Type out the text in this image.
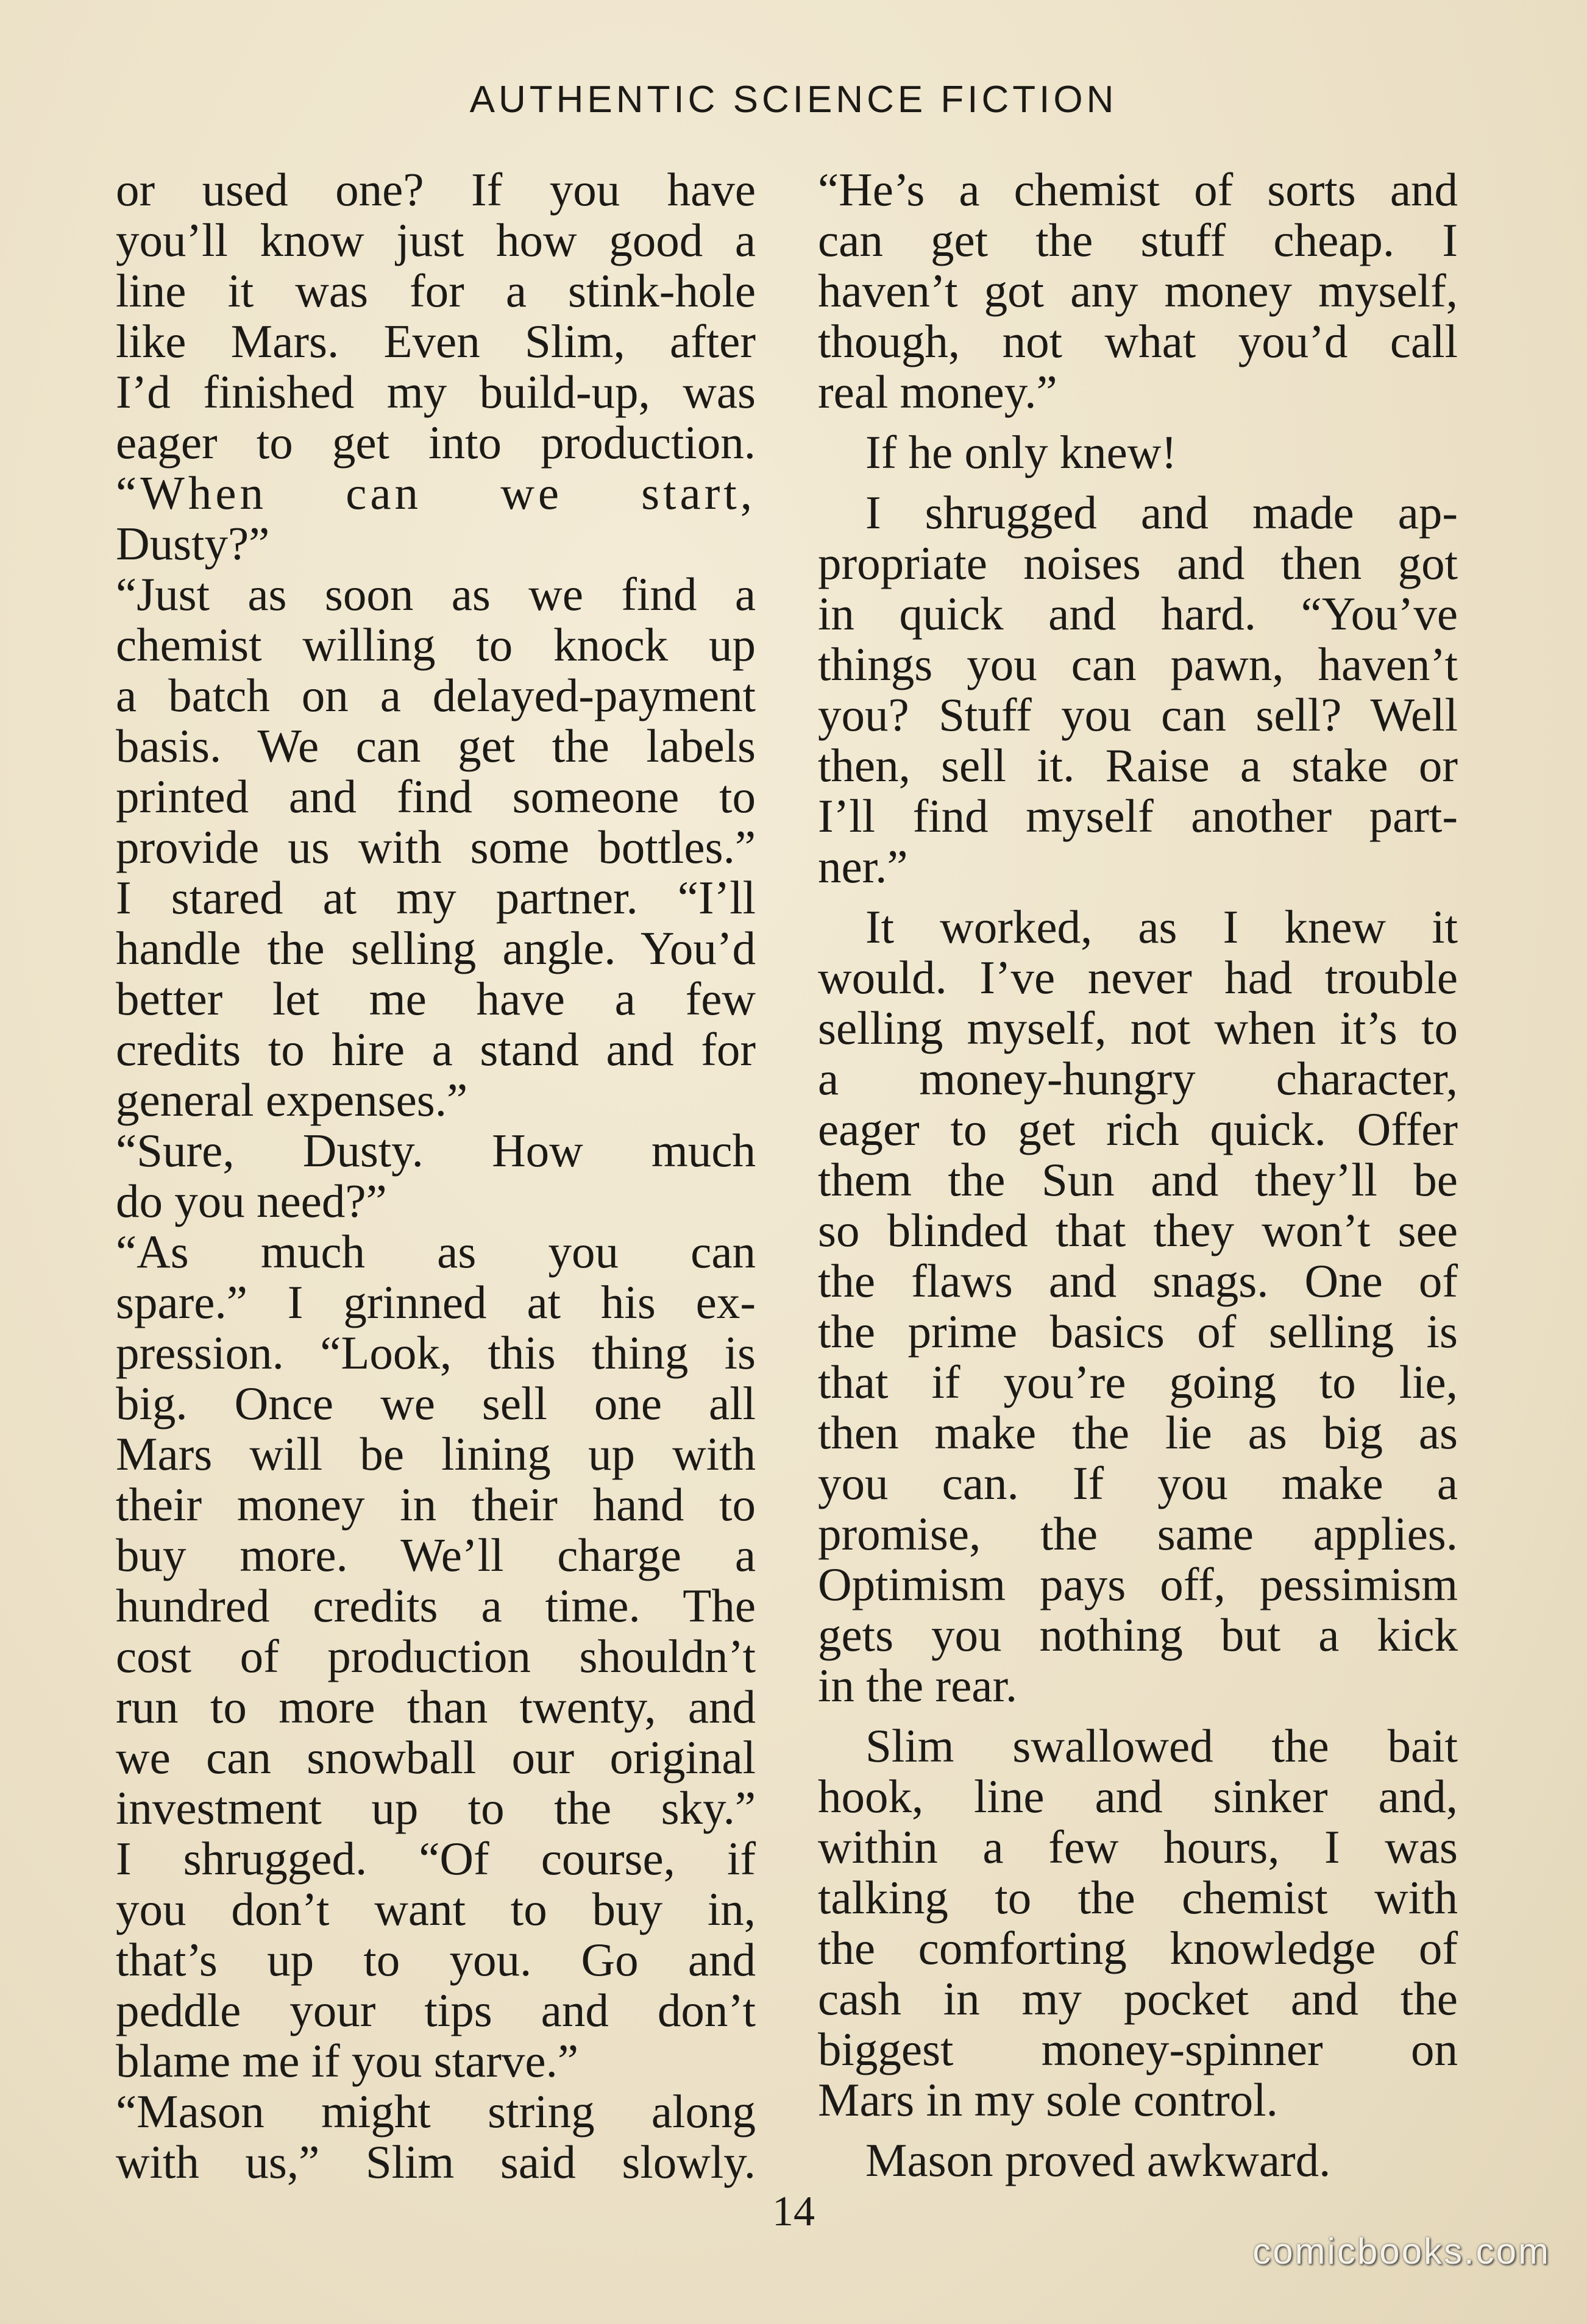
AUTHENTIC SCIENCE FICTION

or used one? If you have

you’ll know just how good a

line it was for a stink-hole

like Mars. Even Slim, after

I’d finished my build-up, was

eager to get into production.

“When can we start,

Dusty?”

“Just as soon as we find a

chemist willing to knock up

a batch on a delayed-payment

basis. We can get the labels

printed and find someone to

provide us with some bottles.”

I stared at my partner. “I’ll

handle the selling angle. You’d

better let me have a few

credits to hire a stand and for

general expenses.”

“Sure, Dusty. How much

do you need?”

“As much as you can

spare.” I grinned at his ex-

pression. “Look, this thing is

big. Once we sell one all

Mars will be lining up with

their money in their hand to

buy more. We’ll charge a

hundred credits a time. The

cost of production shouldn’t

run to more than twenty, and

we can snowball our original

investment up to the sky.”

I shrugged. “Of course, if

you don’t want to buy in,

that’s up to you. Go and

peddle your tips and don’t

blame me if you starve.”

“Mason might string along

with us,” Slim said slowly.

“He’s a chemist of sorts and

can get the stuff cheap. I

haven’t got any money myself,

though, not what you’d call

real money.”

If he only knew!

I shrugged and made ap-

propriate noises and then got

in quick and hard. “You’ve

things you can pawn, haven’t

you? Stuff you can sell? Well

then, sell it. Raise a stake or

I’ll find myself another part-

ner.”

It worked, as I knew it

would. I’ve never had trouble

selling myself, not when it’s to

a money-hungry character,

eager to get rich quick. Offer

them the Sun and they’ll be

so blinded that they won’t see

the flaws and snags. One of

the prime basics of selling is

that if you’re going to lie,

then make the lie as big as

you can. If you make a

promise, the same applies.

Optimism pays off, pessimism

gets you nothing but a kick

in the rear.

Slim swallowed the bait

hook, line and sinker and,

within a few hours, I was

talking to the chemist with

the comforting knowledge of

cash in my pocket and the

biggest money-spinner on

Mars in my sole control.

Mason proved awkward.

14
comicbooks.com
